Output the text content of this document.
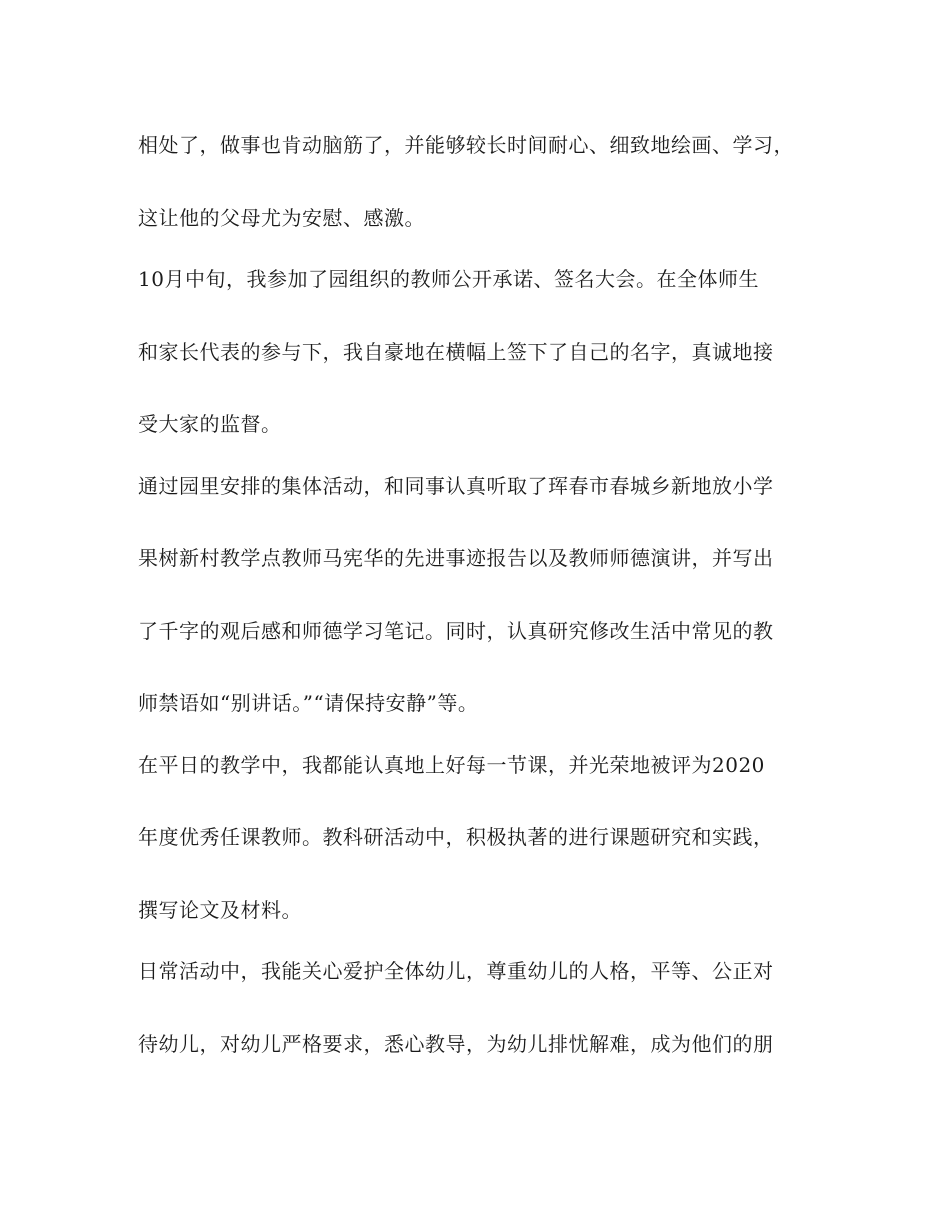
相处了，做事也肯动脑筋了，并能够较长时间耐心、细致地绘画、学习，
这让他的父母尤为安慰、感激。
10月中旬，我参加了园组织的教师公开承诺、签名大会。在全体师生
和家长代表的参与下，我自豪地在横幅上签下了自己的名字，真诚地接
受大家的监督。
通过园里安排的集体活动，和同事认真听取了珲春市春城乡新地放小学
果树新村教学点教师马宪华的先进事迹报告以及教师师德演讲，并写出
了千字的观后感和师德学习笔记。同时，认真研究修改生活中常见的教
师禁语如“别讲话。”“请保持安静”等。
在平日的教学中，我都能认真地上好每一节课，并光荣地被评为2020
年度优秀任课教师。教科研活动中，积极执著的进行课题研究和实践，
撰写论文及材料。
日常活动中，我能关心爱护全体幼儿，尊重幼儿的人格，平等、公正对
待幼儿，对幼儿严格要求，悉心教导，为幼儿排忧解难，成为他们的朋
